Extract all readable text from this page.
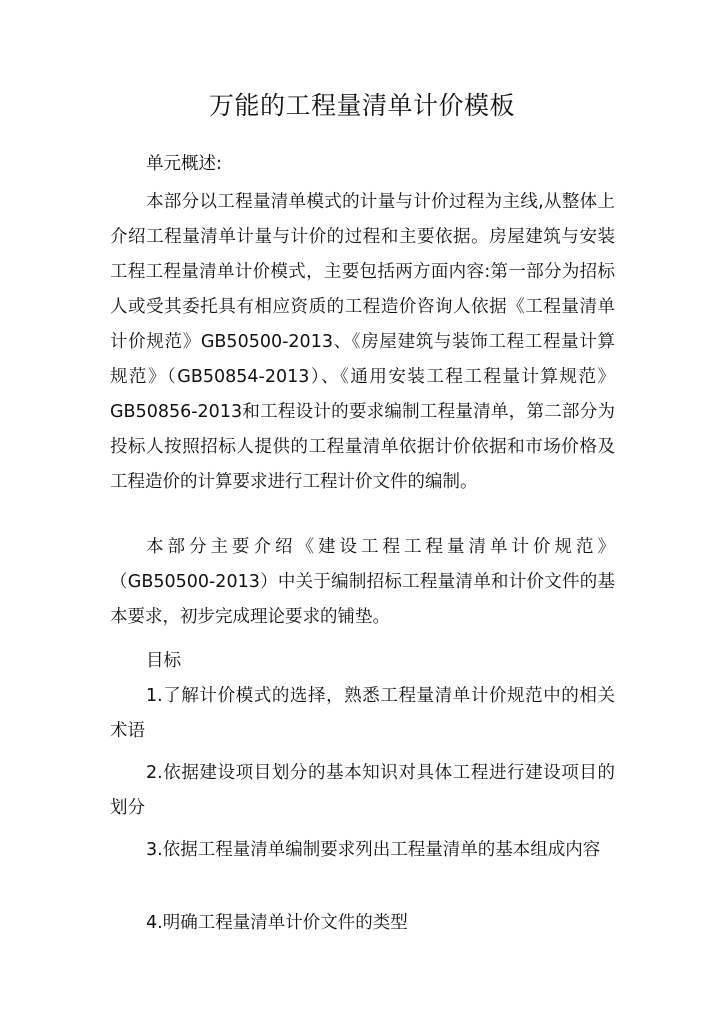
万能的工程量清单计价模板
单元概述:
本部分以工程量清单模式的计量与计价过程为主线,从整体上介绍工程量清单计量与计价的过程和主要依据。房屋建筑与安装工程工程量清单计价模式，主要包括两方面内容:第一部分为招标人或受其委托具有相应资质的工程造价咨询人依据《工程量清单计价规范》GB50500-2013、《房屋建筑与装饰工程工程量计算规范》（GB50854-2013）、《通用安装工程工程量计算规范》GB50856-2013和工程设计的要求编制工程量清单，第二部分为投标人按照招标人提供的工程量清单依据计价依据和市场价格及工程造价的计算要求进行工程计价文件的编制。
本部分主要介绍《建设工程工程量清单计价规范》（GB50500-2013）中关于编制招标工程量清单和计价文件的基本要求，初步完成理论要求的铺垫。
目标
1.了解计价模式的选择，熟悉工程量清单计价规范中的相关术语
2.依据建设项目划分的基本知识对具体工程进行建设项目的划分
3.依据工程量清单编制要求列出工程量清单的基本组成内容
4.明确工程量清单计价文件的类型
